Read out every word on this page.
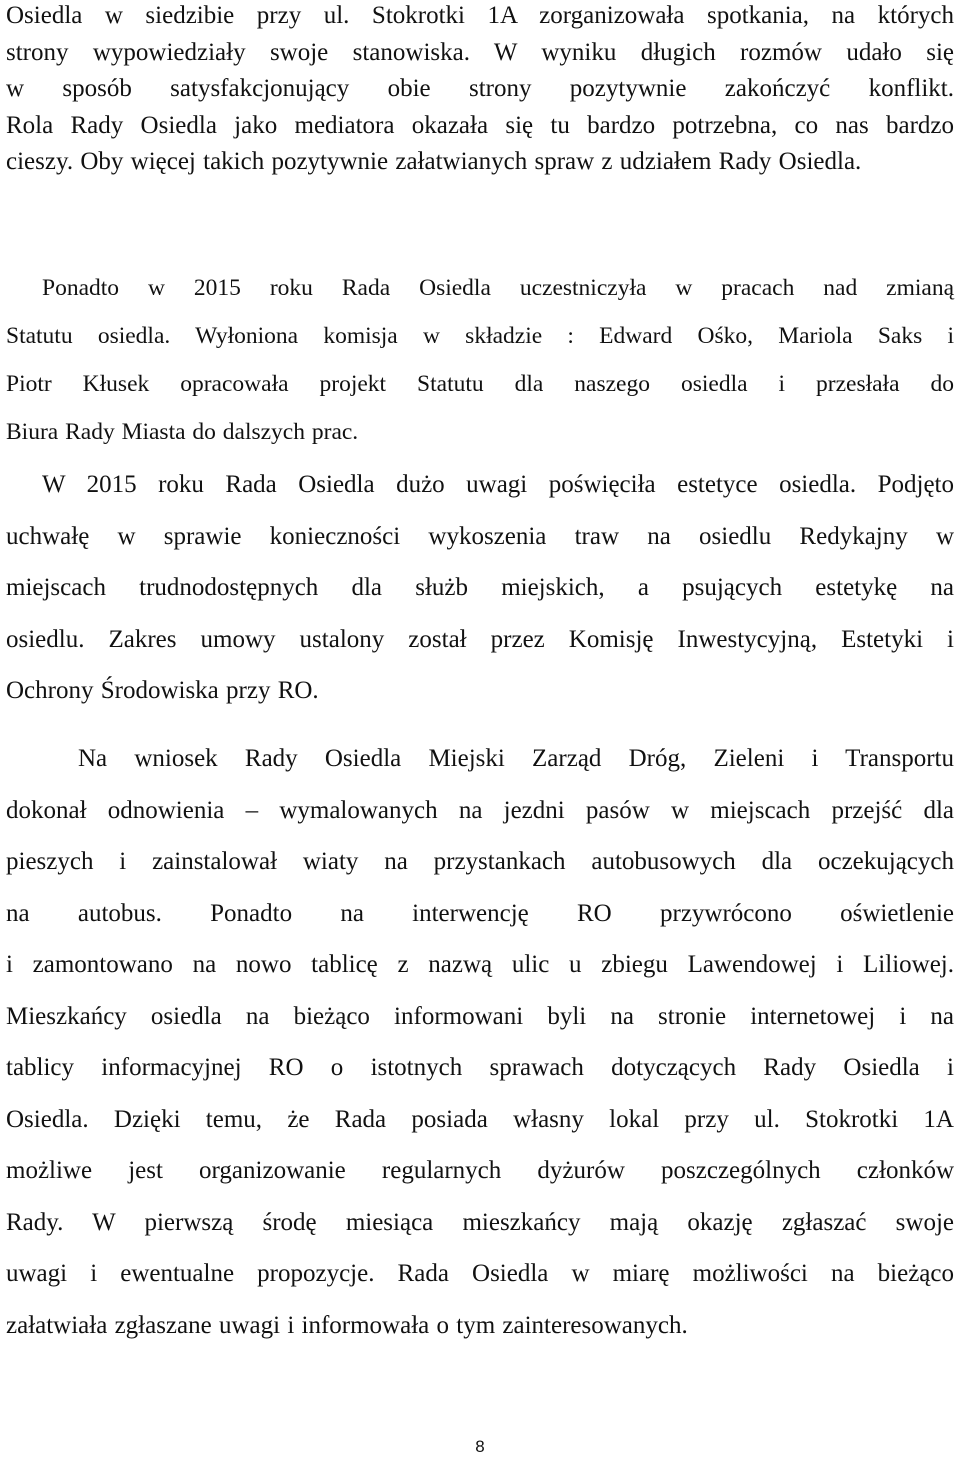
Osiedla w siedzibie przy ul. Stokrotki 1A zorganizowała spotkania, na których
strony wypowiedziały swoje stanowiska. W wyniku długich rozmów udało się
w sposób satysfakcjonujący obie strony pozytywnie zakończyć konflikt.
Rola Rady Osiedla jako mediatora okazała się tu bardzo potrzebna, co nas bardzo
cieszy. Oby więcej takich pozytywnie załatwianych spraw z udziałem Rady Osiedla.
Ponadto w 2015 roku Rada Osiedla uczestniczyła w pracach nad zmianą
Statutu osiedla. Wyłoniona komisja w składzie : Edward Ośko, Mariola Saks i
Piotr Kłusek opracowała projekt Statutu dla naszego osiedla i przesłała do
Biura Rady Miasta do dalszych prac.
W 2015 roku Rada Osiedla dużo uwagi poświęciła estetyce osiedla. Podjęto
uchwałę w sprawie konieczności wykoszenia traw na osiedlu Redykajny w
miejscach trudnodostępnych dla służb miejskich, a psujących estetykę na
osiedlu. Zakres umowy ustalony został przez Komisję Inwestycyjną, Estetyki i
Ochrony Środowiska przy RO.
Na wniosek Rady Osiedla Miejski Zarząd Dróg, Zieleni i Transportu
dokonał odnowienia – wymalowanych na jezdni pasów w miejscach przejść dla
pieszych i zainstalował wiaty na przystankach autobusowych dla oczekujących
na autobus. Ponadto na interwencję RO przywrócono oświetlenie
i zamontowano na nowo tablicę z nazwą ulic u zbiegu Lawendowej i Liliowej.
Mieszkańcy osiedla na bieżąco informowani byli na stronie internetowej i na
tablicy informacyjnej RO o istotnych sprawach dotyczących Rady Osiedla i
Osiedla. Dzięki temu, że Rada posiada własny lokal przy ul. Stokrotki 1A
możliwe jest organizowanie regularnych dyżurów poszczególnych członków
Rady. W pierwszą środę miesiąca mieszkańcy mają okazję zgłaszać swoje
uwagi i ewentualne propozycje. Rada Osiedla w miarę możliwości na bieżąco
załatwiała zgłaszane uwagi i informowała o tym zainteresowanych.
8
